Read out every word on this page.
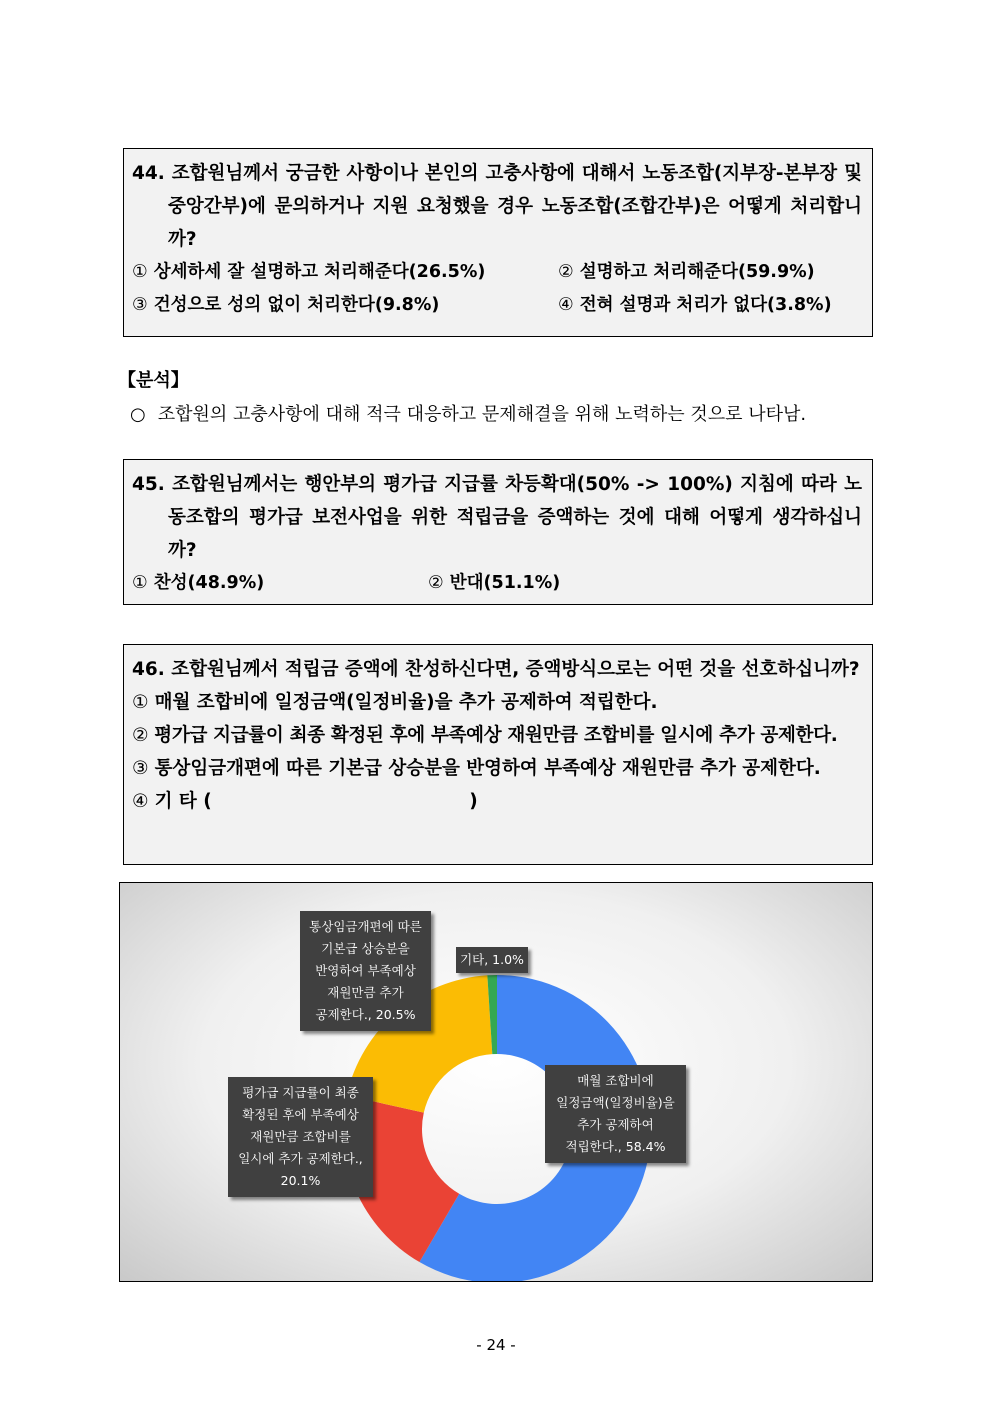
44. 조합원님께서 궁금한 사항이나 본인의 고충사항에 대해서 노동조합(지부장-본부장 및 중앙간부)에 문의하거나 지원 요청했을 경우 노동조합(조합간부)은 어떻게 처리합니까?
① 상세하세 잘 설명하고 처리해준다(26.5%)	② 설명하고 처리해준다(59.9%)
③ 건성으로 성의 없이 처리한다(9.8%)	④ 전혀 설명과 처리가 없다(3.8%)
【분석】
○ 조합원의 고충사항에 대해 적극 대응하고 문제해결을 위해 노력하는 것으로 나타남.
45. 조합원님께서는 행안부의 평가급 지급률 차등확대(50% -> 100%) 지침에 따라 노동조합의 평가급 보전사업을 위한 적립금을 증액하는 것에 대해 어떻게 생각하십니까?
① 찬성(48.9%)	② 반대(51.1%)
46. 조합원님께서 적립금 증액에 찬성하신다면, 증액방식으로는 어떤 것을 선호하십니까?
① 매월 조합비에 일정금액(일정비율)을 추가 공제하여 적립한다.
② 평가급 지급률이 최종 확정된 후에 부족예상 재원만큼 조합비를 일시에 추가 공제한다.
③ 통상임금개편에 따른 기본급 상승분을 반영하여 부족예상 재원만큼 추가 공제한다.
④ 기 타 (                                        )
매월 조합비에
일정금액(일정비율)을
추가 공제하여
적립한다., 58.4%
평가급 지급률이 최종
확정된 후에 부족예상
재원만큼 조합비를
일시에 추가 공제한다.,
20.1%
통상임금개편에 따른
기본급 상승분을
반영하여 부족예상
재원만큼 추가
공제한다., 20.5%
기타, 1.0%
- 24 -
